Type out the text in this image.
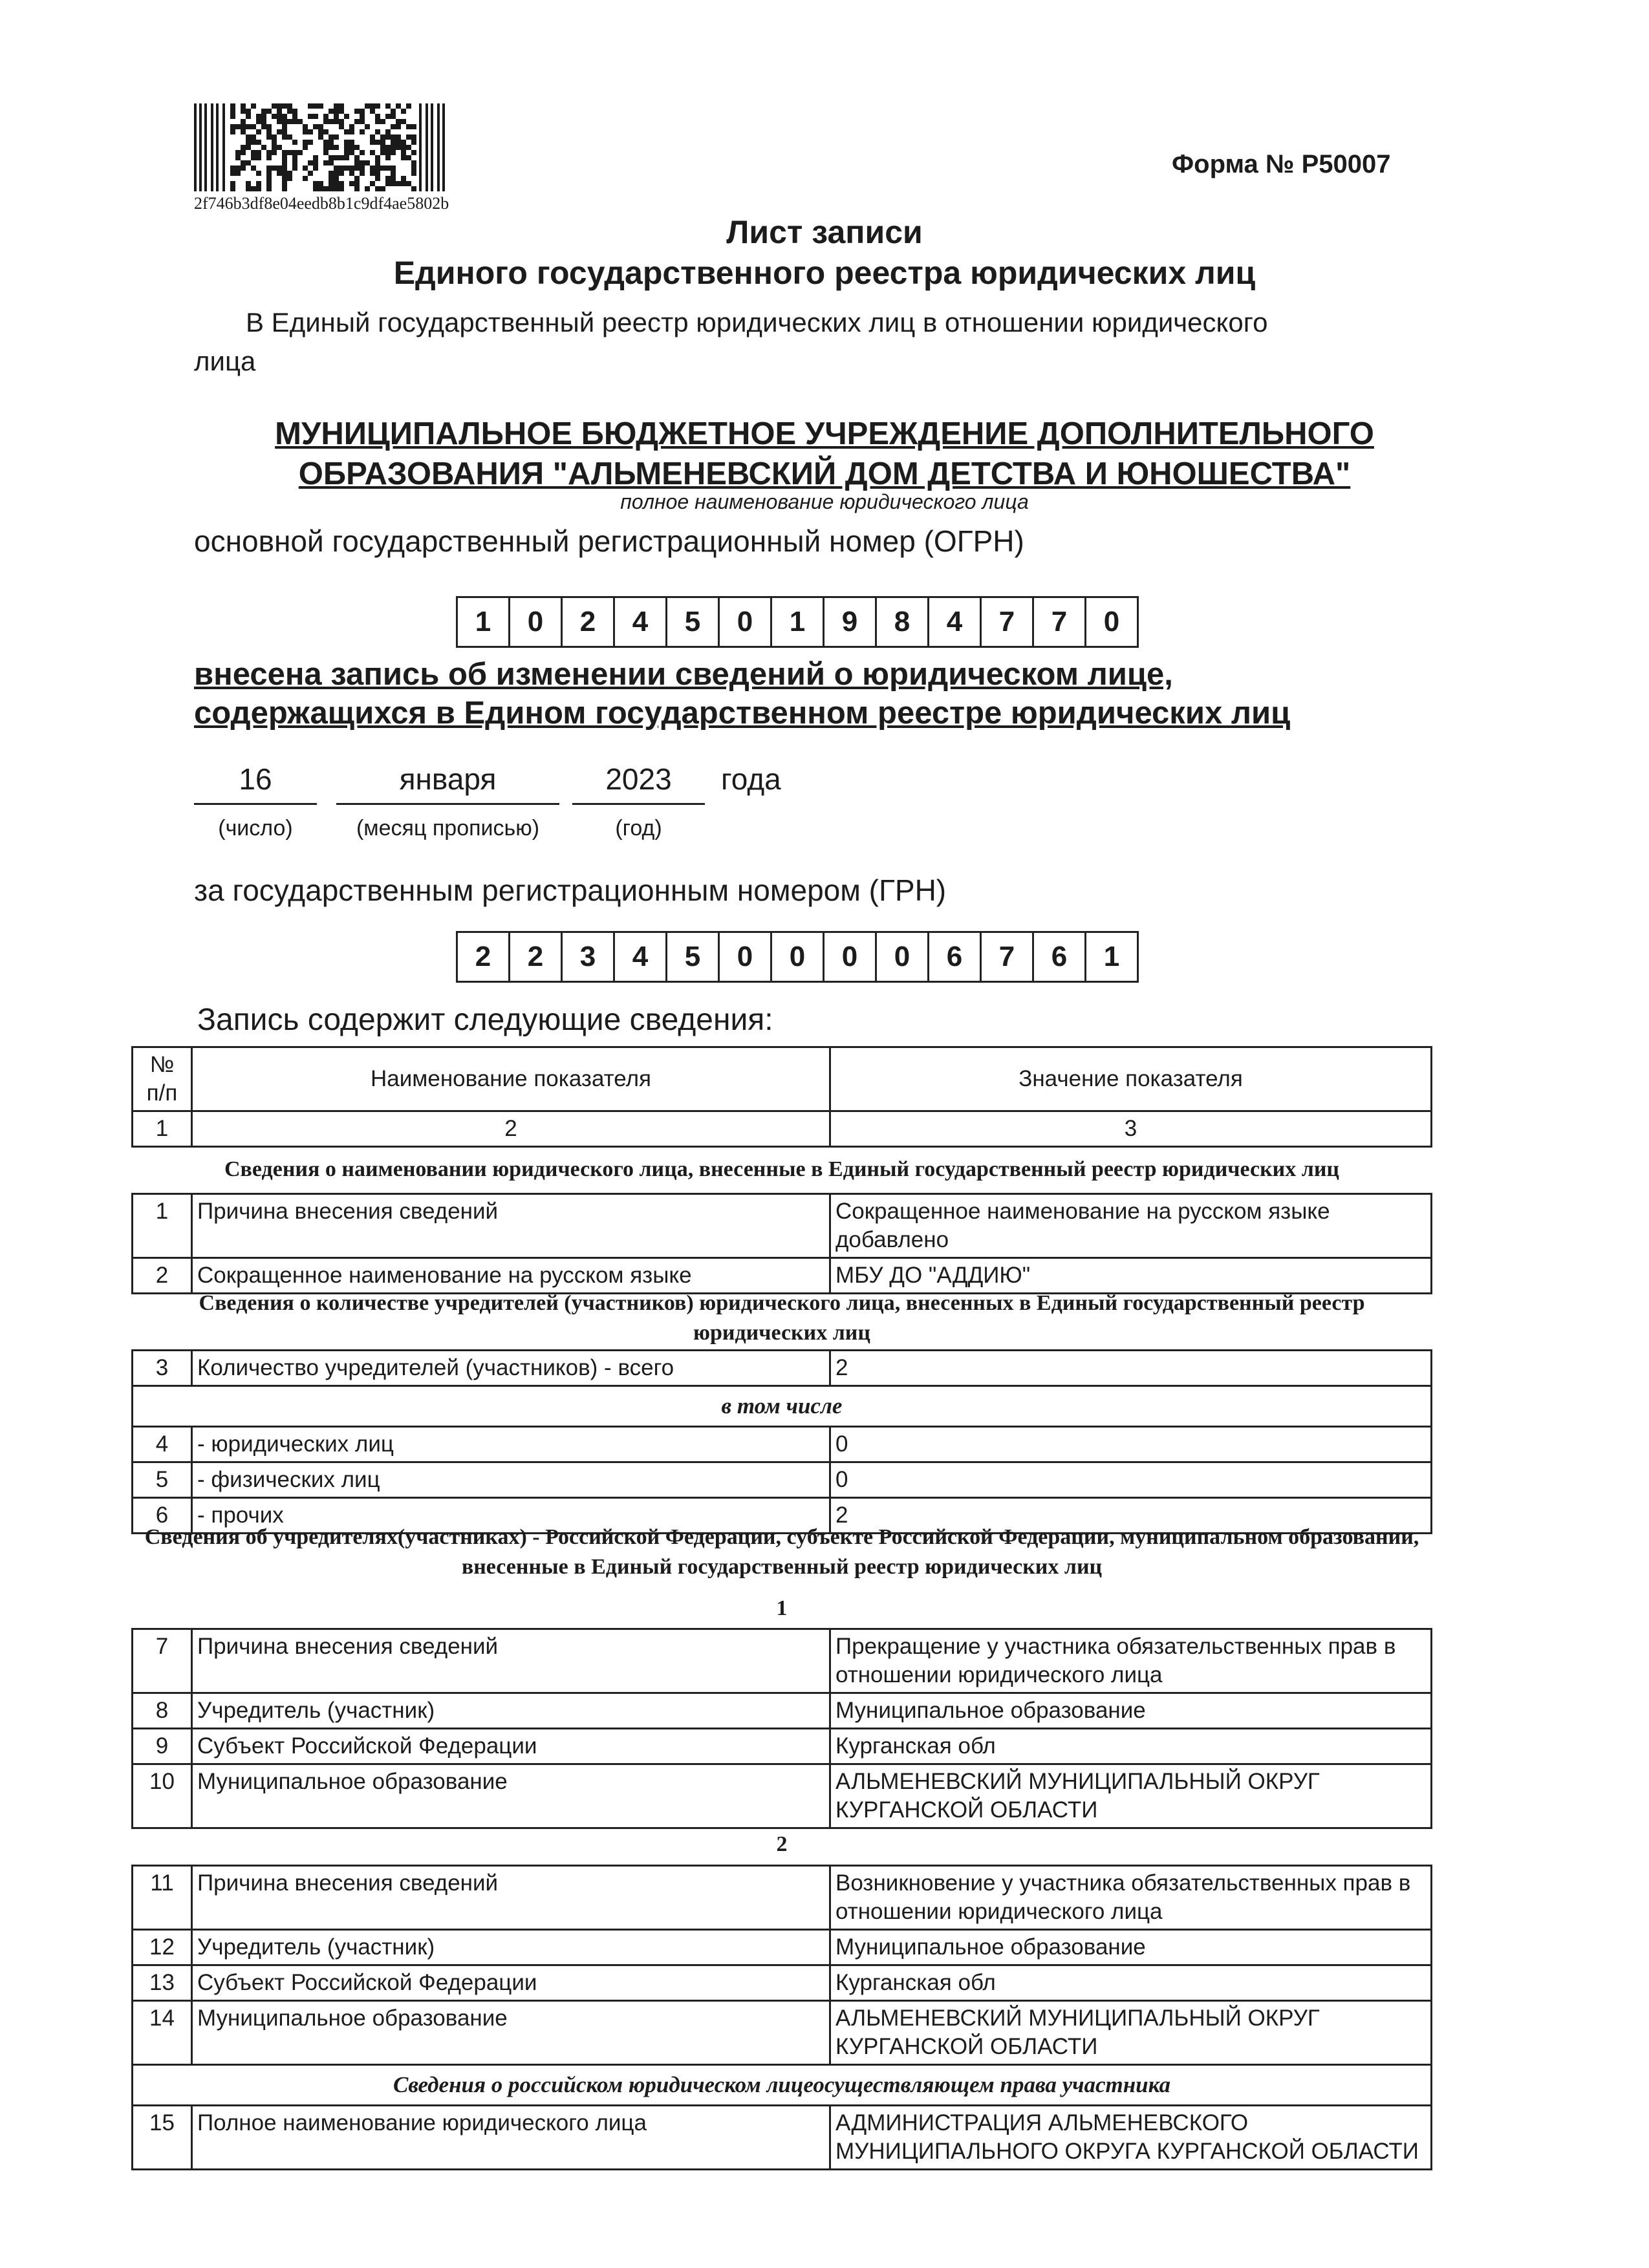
2f746b3df8e04eedb8b1c9df4ae5802b
Форма № Р50007
Лист записи
Единого государственного реестра юридических лиц
В Единый государственный реестр юридических лиц в отношении юридического
лица
МУНИЦИПАЛЬНОЕ БЮДЖЕТНОЕ УЧРЕЖДЕНИЕ ДОПОЛНИТЕЛЬНОГО
ОБРАЗОВАНИЯ "АЛЬМЕНЕВСКИЙ ДОМ ДЕТСТВА И ЮНОШЕСТВА"
полное наименование юридического лица
основной государственный регистрационный номер (ОГРН)
1	0	2	4	5	0	1	9	8	4	7	7	0
внесена запись об изменении сведений о юридическом лице,
содержащихся в Едином государственном реестре юридических лиц
16	января	2023	года
(число)	(месяц прописью)	(год)
за государственным регистрационным номером (ГРН)
2	2	3	4	5	0	0	0	0	6	7	6	1
Запись содержит следующие сведения:
№ п/п	Наименование показателя	Значение показателя
1	2	3
Сведения о наименовании юридического лица, внесенные в Единый государственный реестр юридических лиц
1	Причина внесения сведений	Сокращенное наименование на русском языке добавлено
2	Сокращенное наименование на русском языке	МБУ ДО "АДДИЮ"
Сведения о количестве учредителей (участников) юридического лица, внесенных в Единый государственный реестр юридических лиц
3	Количество учредителей (участников) - всего	2
в том числе		
4	- юридических лиц	0
5	- физических лиц	0
6	- прочих	2
Сведения об учредителях(участниках) - Российской Федерации, субъекте Российской Федерации, муниципальном образовании, внесенные в Единый государственный реестр юридических лиц
1
7	Причина внесения сведений	Прекращение у участника обязательственных прав в отношении юридического лица
8	Учредитель (участник)	Муниципальное образование
9	Субъект Российской Федерации	Курганская обл
10	Муниципальное образование	АЛЬМЕНЕВСКИЙ МУНИЦИПАЛЬНЫЙ ОКРУГ КУРГАНСКОЙ ОБЛАСТИ
2
11	Причина внесения сведений	Возникновение у участника обязательственных прав в отношении юридического лица
12	Учредитель (участник)	Муниципальное образование
13	Субъект Российской Федерации	Курганская обл
14	Муниципальное образование	АЛЬМЕНЕВСКИЙ МУНИЦИПАЛЬНЫЙ ОКРУГ КУРГАНСКОЙ ОБЛАСТИ
Сведения о российском юридическом лицеосуществляющем права участника		
15	Полное наименование юридического лица	АДМИНИСТРАЦИЯ АЛЬМЕНЕВСКОГО МУНИЦИПАЛЬНОГО ОКРУГА КУРГАНСКОЙ ОБЛАСТИ
